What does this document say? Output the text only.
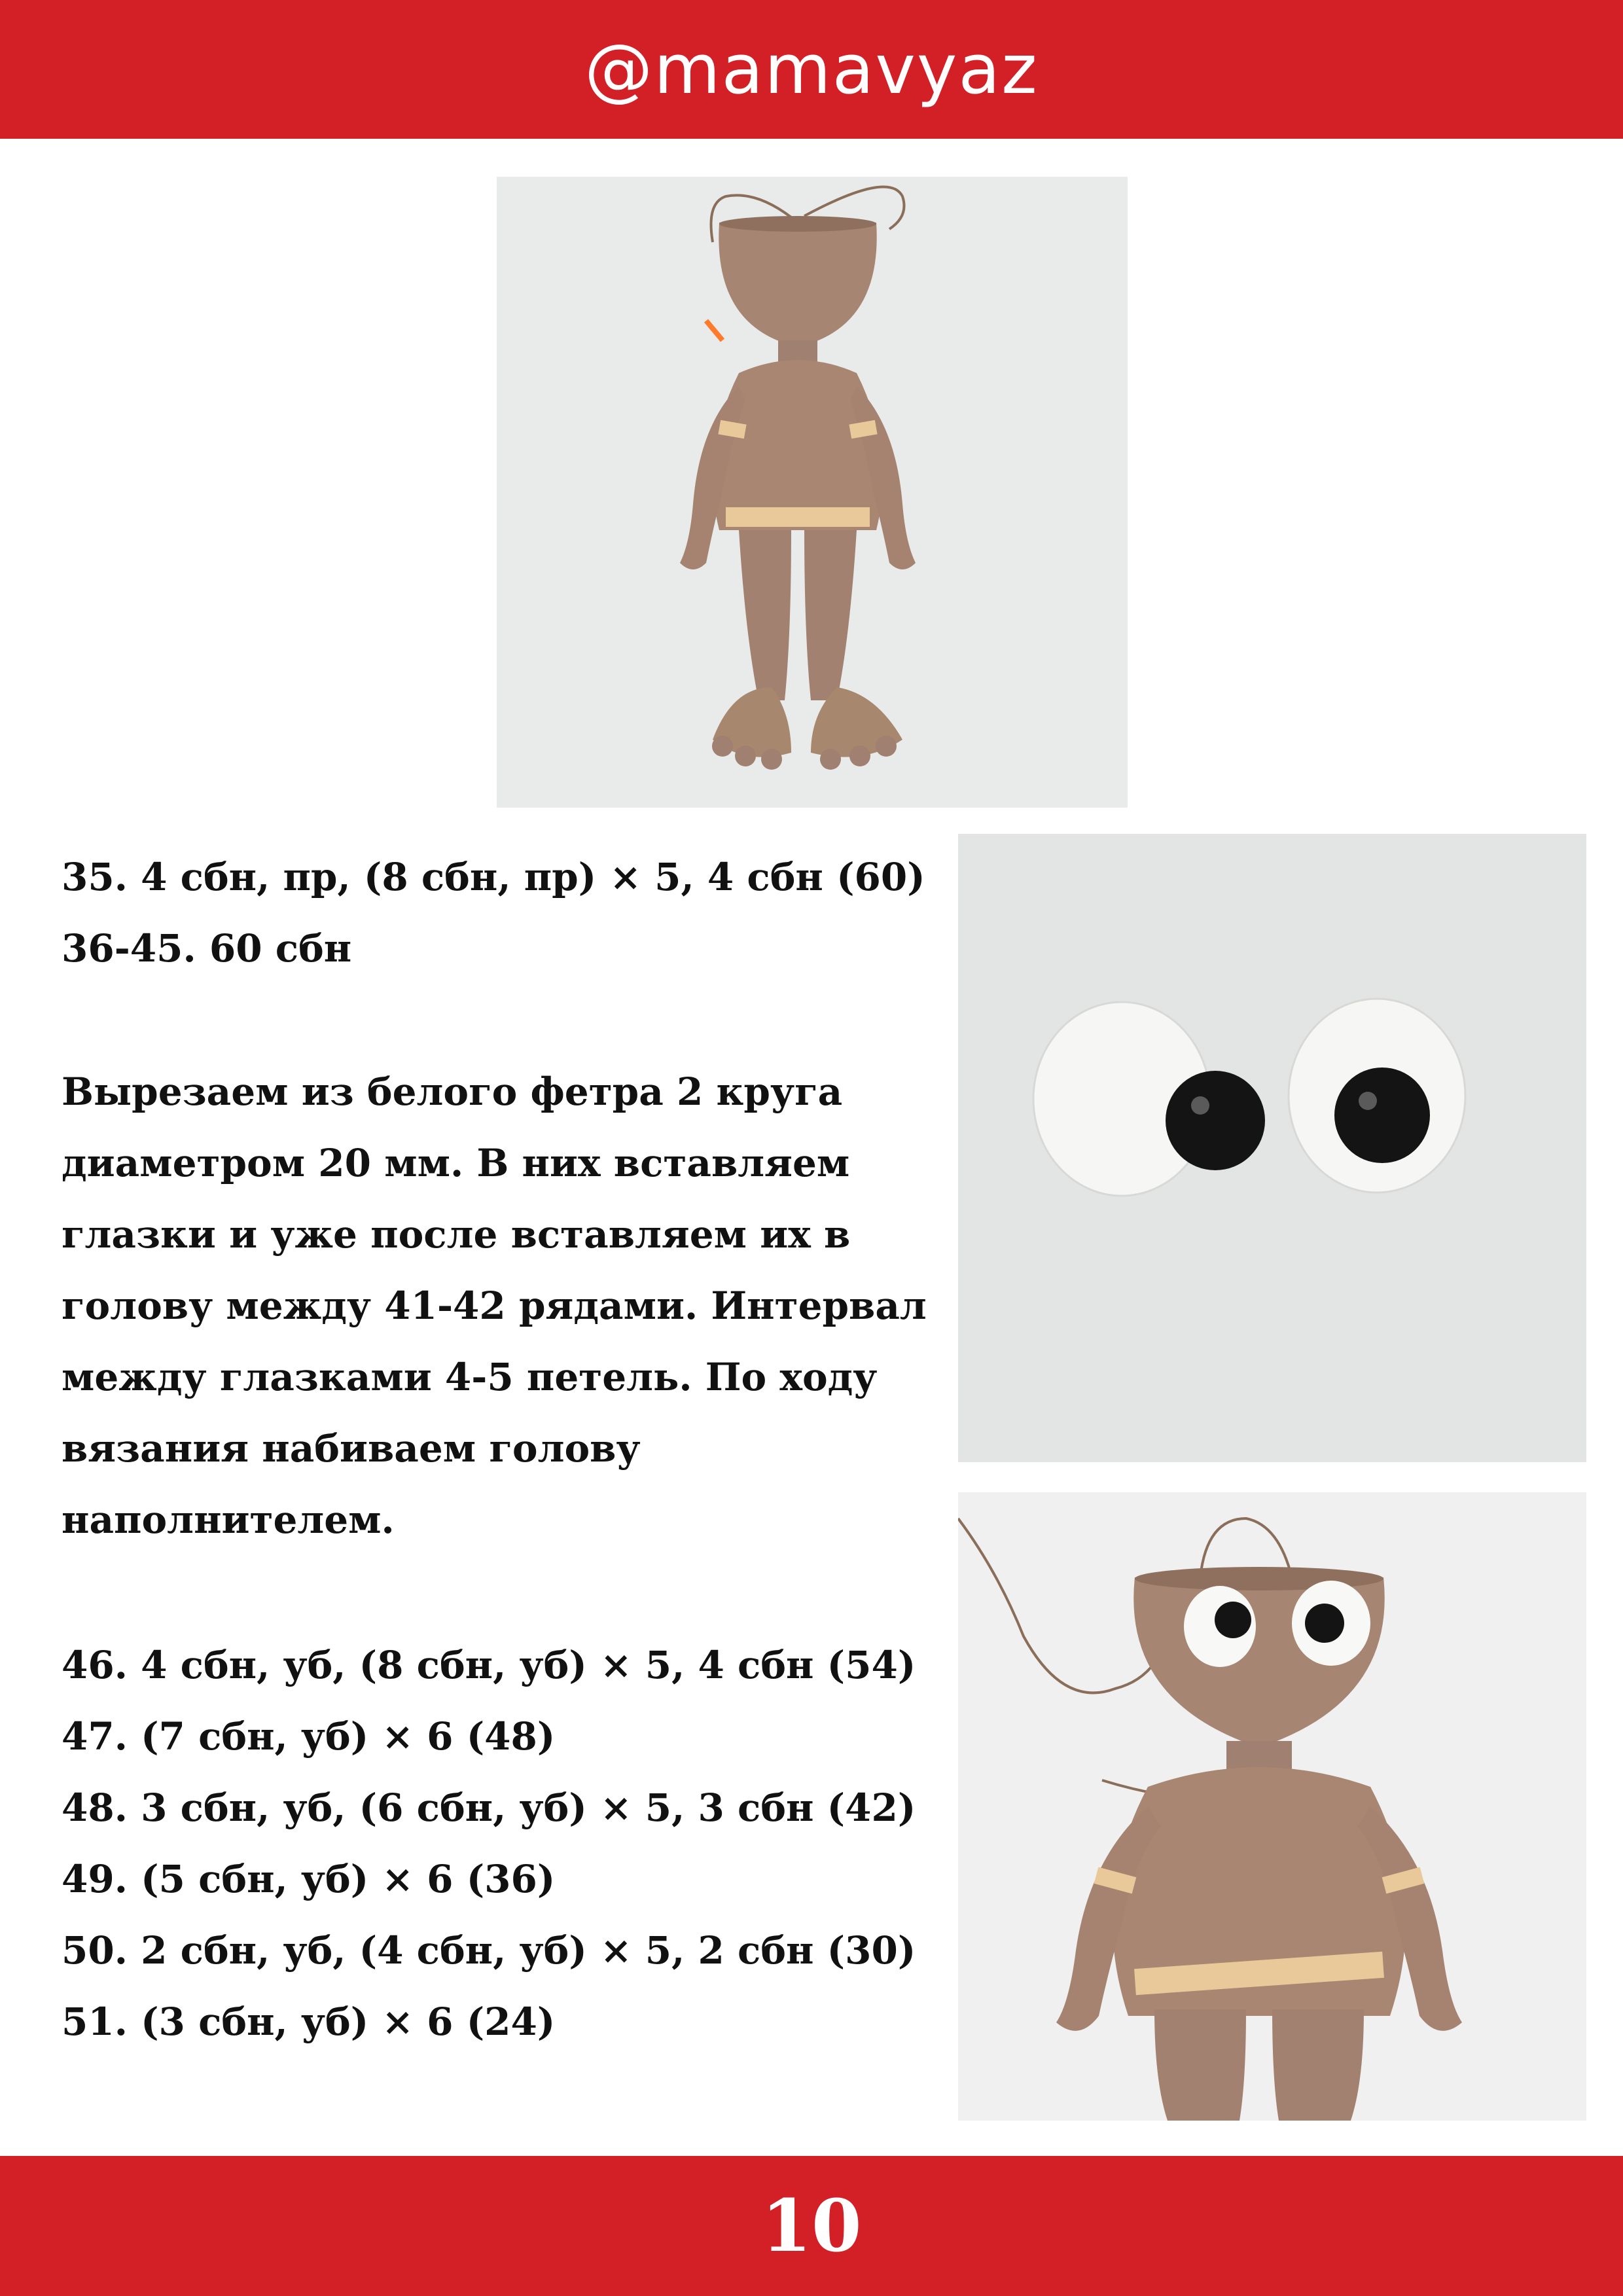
@mamavyaz
35. 4 сбн, пр, (8 сбн, пр) × 5, 4 сбн (60)
36-45. 60 сбн
Вырезаем из белого фетра 2 круга
диаметром 20 мм. В них вставляем
глазки и уже после вставляем их в
голову между 41-42 рядами. Интервал
между глазками 4-5 петель. По ходу
вязания набиваем голову
наполнителем.
46. 4 сбн, уб, (8 сбн, уб) × 5, 4 сбн (54)
47. (7 сбн, уб) × 6 (48)
48. 3 сбн, уб, (6 сбн, уб) × 5, 3 сбн (42)
49. (5 сбн, уб) × 6 (36)
50. 2 сбн, уб, (4 сбн, уб) × 5, 2 сбн (30)
51. (3 сбн, уб) × 6 (24)
10
